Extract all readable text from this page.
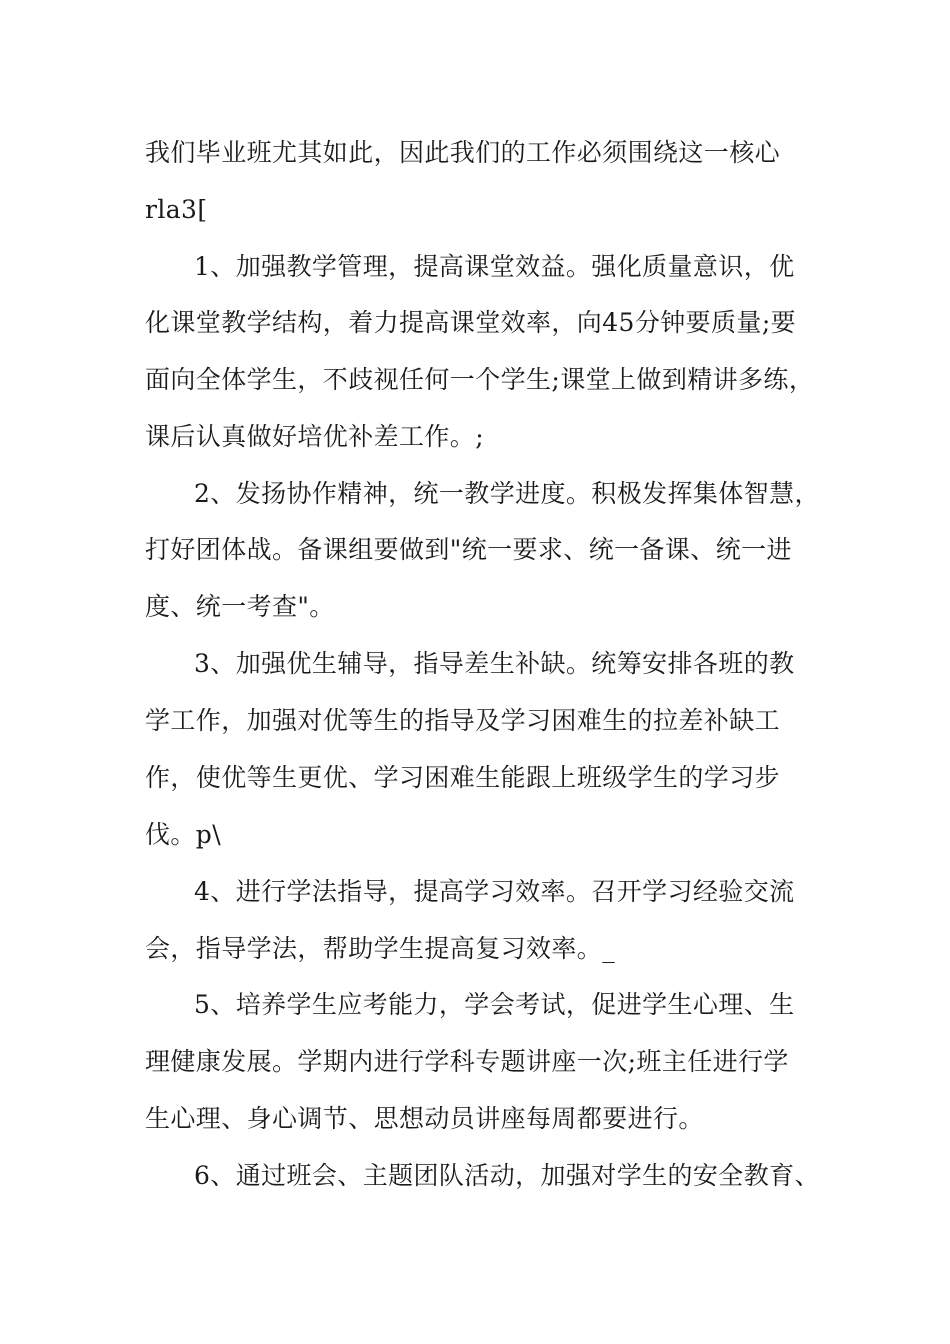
我们毕业班尤其如此，因此我们的工作必须围绕这一核心
rla3[
1、加强教学管理，提高课堂效益。强化质量意识，优
化课堂教学结构，着力提高课堂效率，向45分钟要质量;要
面向全体学生，不歧视任何一个学生;课堂上做到精讲多练，
课后认真做好培优补差工作。;
2、发扬协作精神，统一教学进度。积极发挥集体智慧，
打好团体战。备课组要做到"统一要求、统一备课、统一进
度、统一考查"。
3、加强优生辅导，指导差生补缺。统筹安排各班的教
学工作，加强对优等生的指导及学习困难生的拉差补缺工
作，使优等生更优、学习困难生能跟上班级学生的学习步
伐。p\
4、进行学法指导，提高学习效率。召开学习经验交流
会，指导学法，帮助学生提高复习效率。_
5、培养学生应考能力，学会考试，促进学生心理、生
理健康发展。学期内进行学科专题讲座一次;班主任进行学
生心理、身心调节、思想动员讲座每周都要进行。
6、通过班会、主题团队活动，加强对学生的安全教育、
